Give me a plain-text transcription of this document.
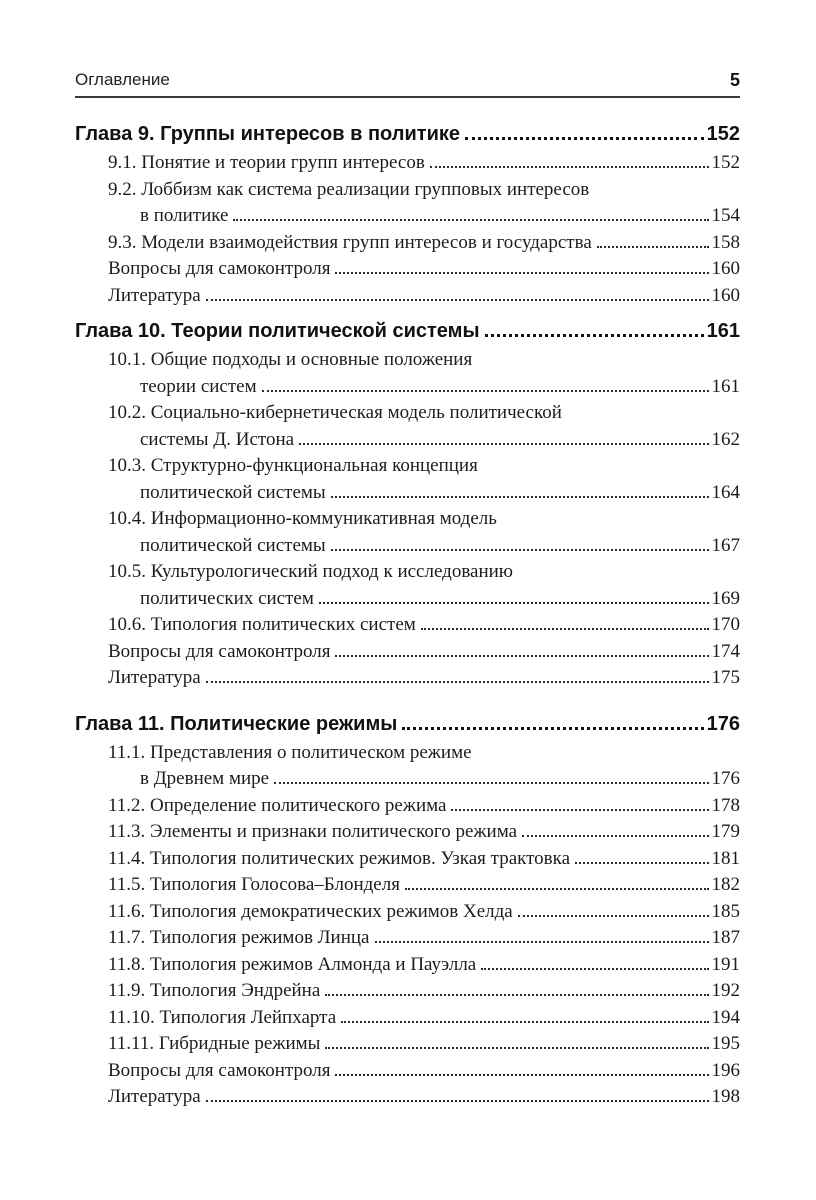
Оглавление	5
Глава 9. Группы интересов в политике	152
9.1. Понятие и теории групп интересов	152
9.2. Лоббизм как система реализации групповых интересов
в политике	154
9.3. Модели взаимодействия групп интересов и государства	158
Вопросы для самоконтроля	160
Литература	160
Глава 10. Теории политической системы	161
10.1. Общие подходы и основные положения
теории систем	161
10.2. Социально-кибернетическая модель политической
системы Д. Истона	162
10.3. Структурно-функциональная концепция
политической системы	164
10.4. Информационно-коммуникативная модель
политической системы	167
10.5. Культурологический подход к исследованию
политических систем	169
10.6. Типология политических систем	170
Вопросы для самоконтроля	174
Литература	175
Глава 11. Политические режимы	176
11.1. Представления о политическом режиме
в Древнем мире	176
11.2. Определение политического режима	178
11.3. Элементы и признаки политического режима	179
11.4. Типология политических режимов. Узкая трактовка	181
11.5. Типология Голосова–Блонделя	182
11.6. Типология демократических режимов Хелда	185
11.7. Типология режимов Линца	187
11.8. Типология режимов Алмонда и Пауэлла	191
11.9. Типология Эндрейна	192
11.10. Типология Лейпхарта	194
11.11. Гибридные режимы	195
Вопросы для самоконтроля	196
Литература	198
